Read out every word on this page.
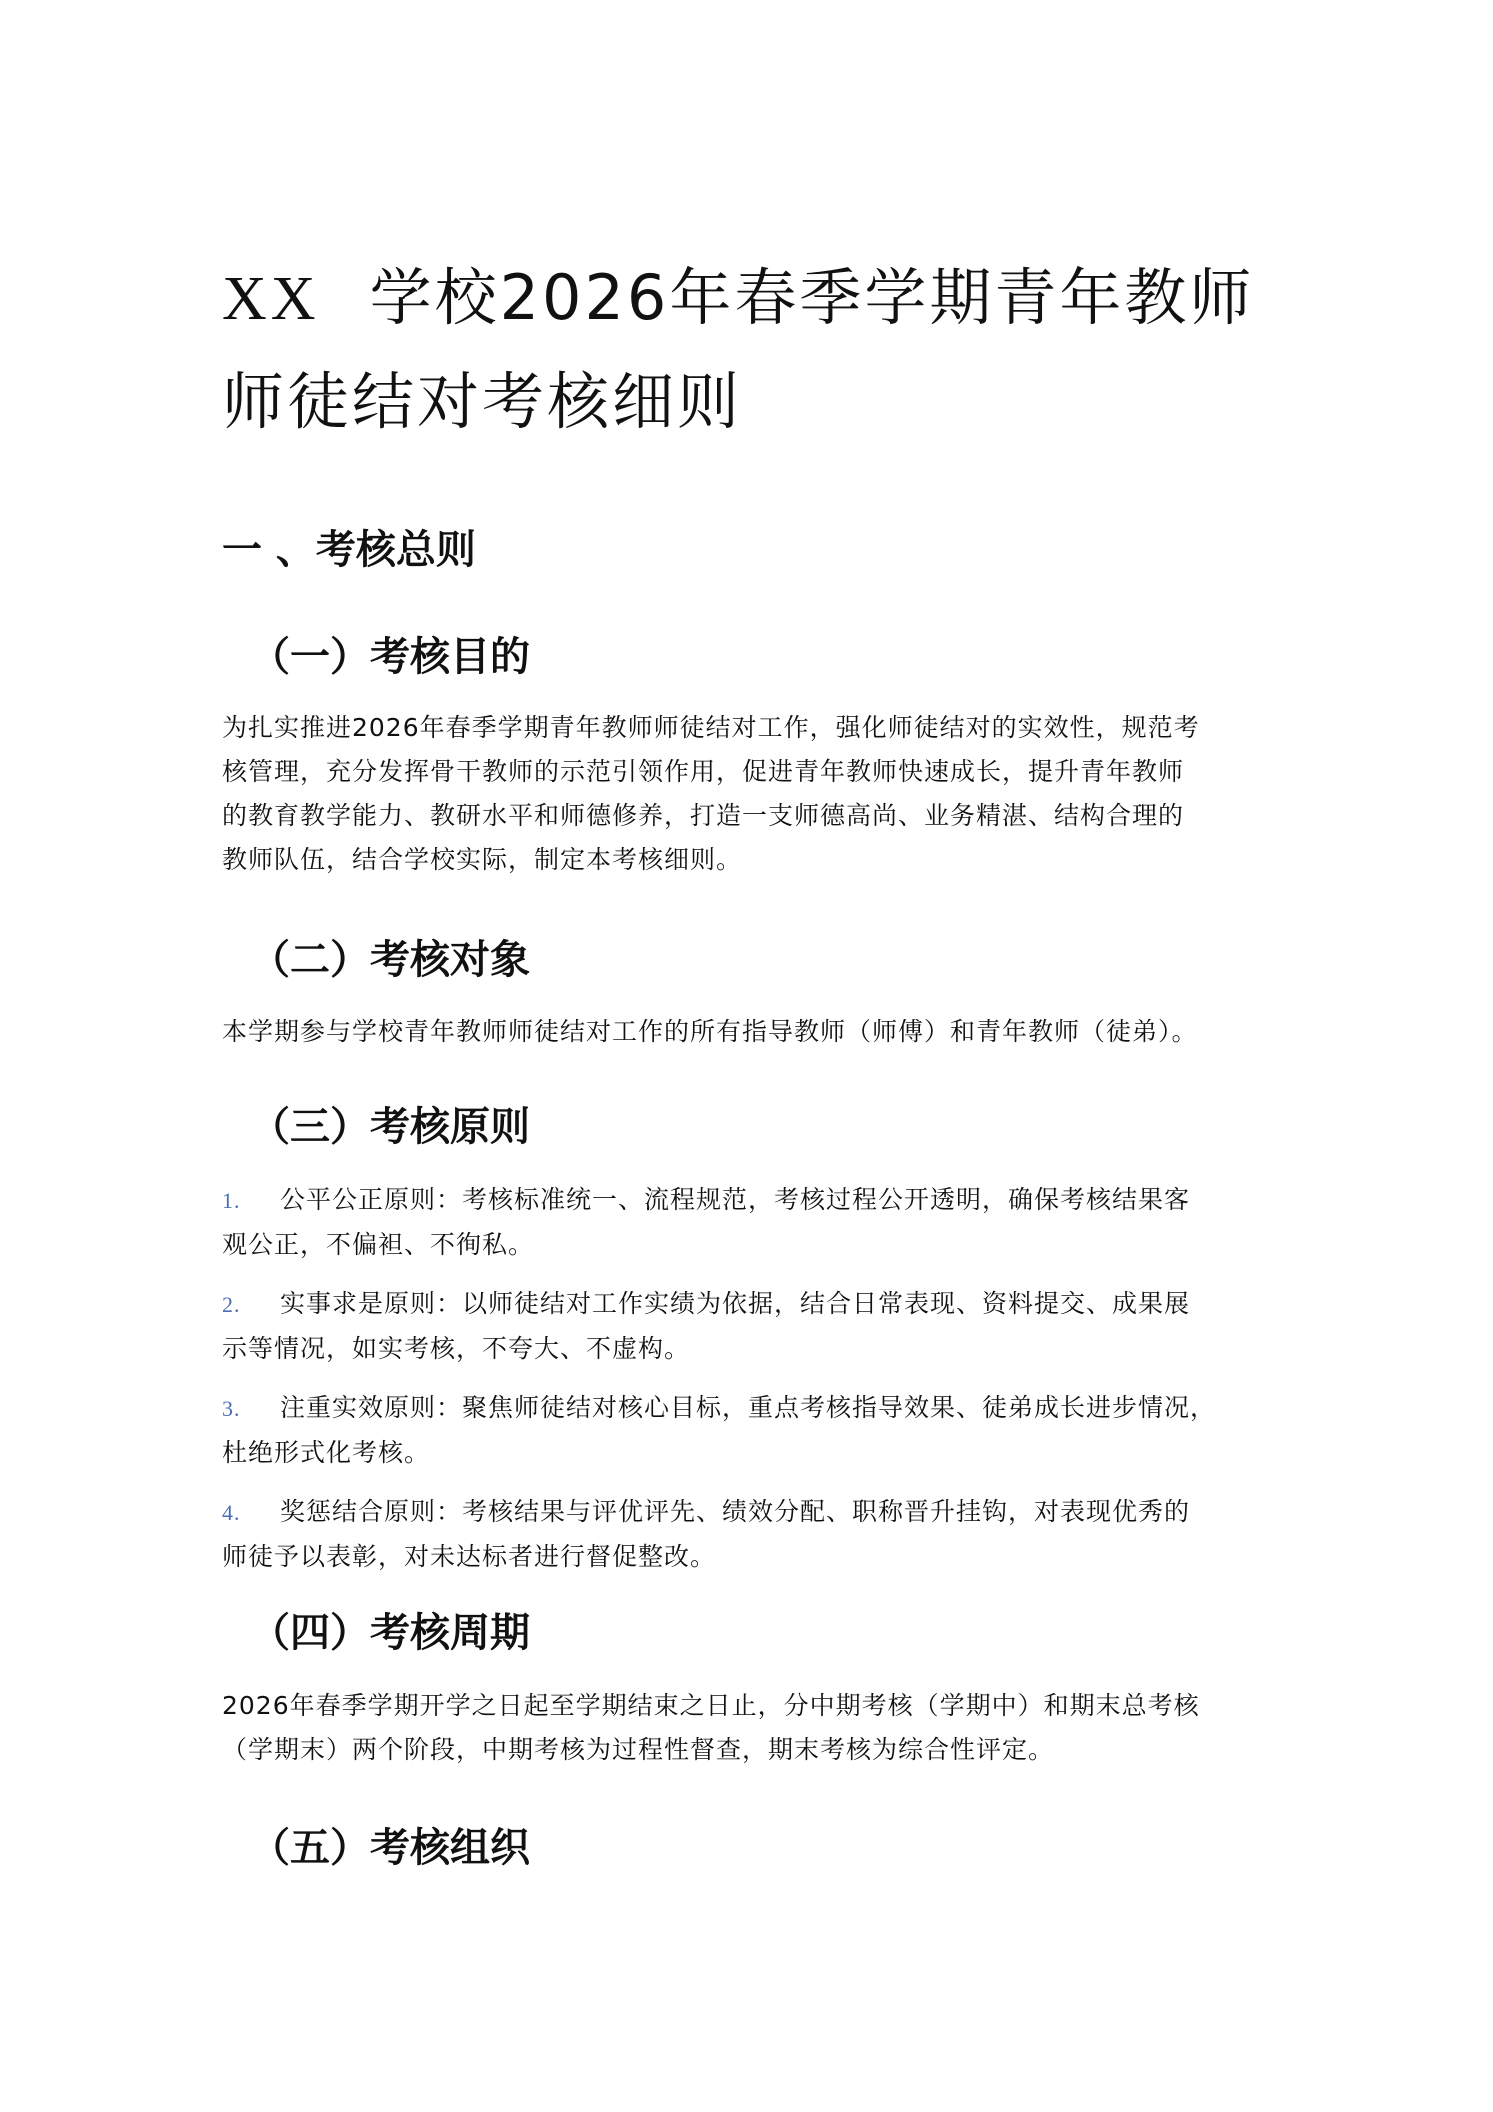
XX 学校2026年春季学期青年教师
师徒结对考核细则
一 、考核总则
（一）考核目的
为扎实推进2026年春季学期青年教师师徒结对工作，强化师徒结对的实效性，规范考
核管理，充分发挥骨干教师的示范引领作用，促进青年教师快速成长，提升青年教师
的教育教学能力、教研水平和师德修养，打造一支师德高尚、业务精湛、结构合理的
教师队伍，结合学校实际，制定本考核细则。
（二）考核对象
本学期参与学校青年教师师徒结对工作的所有指导教师（师傅）和青年教师（徒弟）。
（三）考核原则
1. 公平公正原则：考核标准统一、流程规范，考核过程公开透明，确保考核结果客
观公正，不偏袒、不徇私。
2. 实事求是原则：以师徒结对工作实绩为依据，结合日常表现、资料提交、成果展
示等情况，如实考核，不夸大、不虚构。
3. 注重实效原则：聚焦师徒结对核心目标，重点考核指导效果、徒弟成长进步情况，
杜绝形式化考核。
4. 奖惩结合原则：考核结果与评优评先、绩效分配、职称晋升挂钩，对表现优秀的
师徒予以表彰，对未达标者进行督促整改。
（四）考核周期
2026年春季学期开学之日起至学期结束之日止，分中期考核（学期中）和期末总考核
（学期末）两个阶段，中期考核为过程性督查，期末考核为综合性评定。
（五）考核组织
